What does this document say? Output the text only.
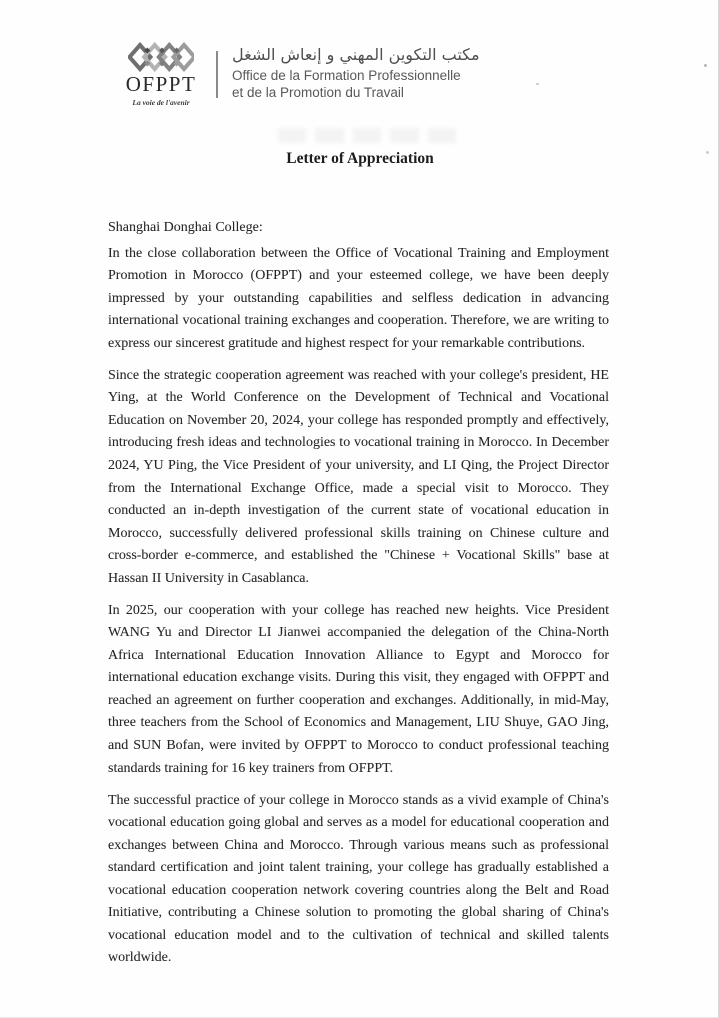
OFPPT
La voie de l'avenir
مكتب التكوين المهني و إنعاش الشغل
Office de la Formation Professionnelle
et de la Promotion du Travail
Letter of Appreciation

Shanghai Donghai College:

In the close collaboration between the Office of Vocational Training and Employment Promotion in Morocco (OFPPT) and your esteemed college, we have been deeply impressed by your outstanding capabilities and selfless dedication in advancing international vocational training exchanges and cooperation. Therefore, we are writing to express our sincerest gratitude and highest respect for your remarkable contributions.

Since the strategic cooperation agreement was reached with your college's president, HE Ying, at the World Conference on the Development of Technical and Vocational Education on November 20, 2024, your college has responded promptly and effectively, introducing fresh ideas and technologies to vocational training in Morocco. In December 2024, YU Ping, the Vice President of your university, and LI Qing, the Project Director from the International Exchange Office, made a special visit to Morocco. They conducted an in-depth investigation of the current state of vocational education in Morocco, successfully delivered professional skills training on Chinese culture and cross-border e-commerce, and established the "Chinese + Vocational Skills" base at Hassan II University in Casablanca.

In 2025, our cooperation with your college has reached new heights. Vice President WANG Yu and Director LI Jianwei accompanied the delegation of the China-North Africa International Education Innovation Alliance to Egypt and Morocco for international education exchange visits. During this visit, they engaged with OFPPT and reached an agreement on further cooperation and exchanges. Additionally, in mid-May, three teachers from the School of Economics and Management, LIU Shuye, GAO Jing, and SUN Bofan, were invited by OFPPT to Morocco to conduct professional teaching standards training for 16 key trainers from OFPPT.

The successful practice of your college in Morocco stands as a vivid example of China's vocational education going global and serves as a model for educational cooperation and exchanges between China and Morocco. Through various means such as professional standard certification and joint talent training, your college has gradually established a vocational education cooperation network covering countries along the Belt and Road Initiative, contributing a Chinese solution to promoting the global sharing of China's vocational education model and to the cultivation of technical and skilled talents worldwide.
